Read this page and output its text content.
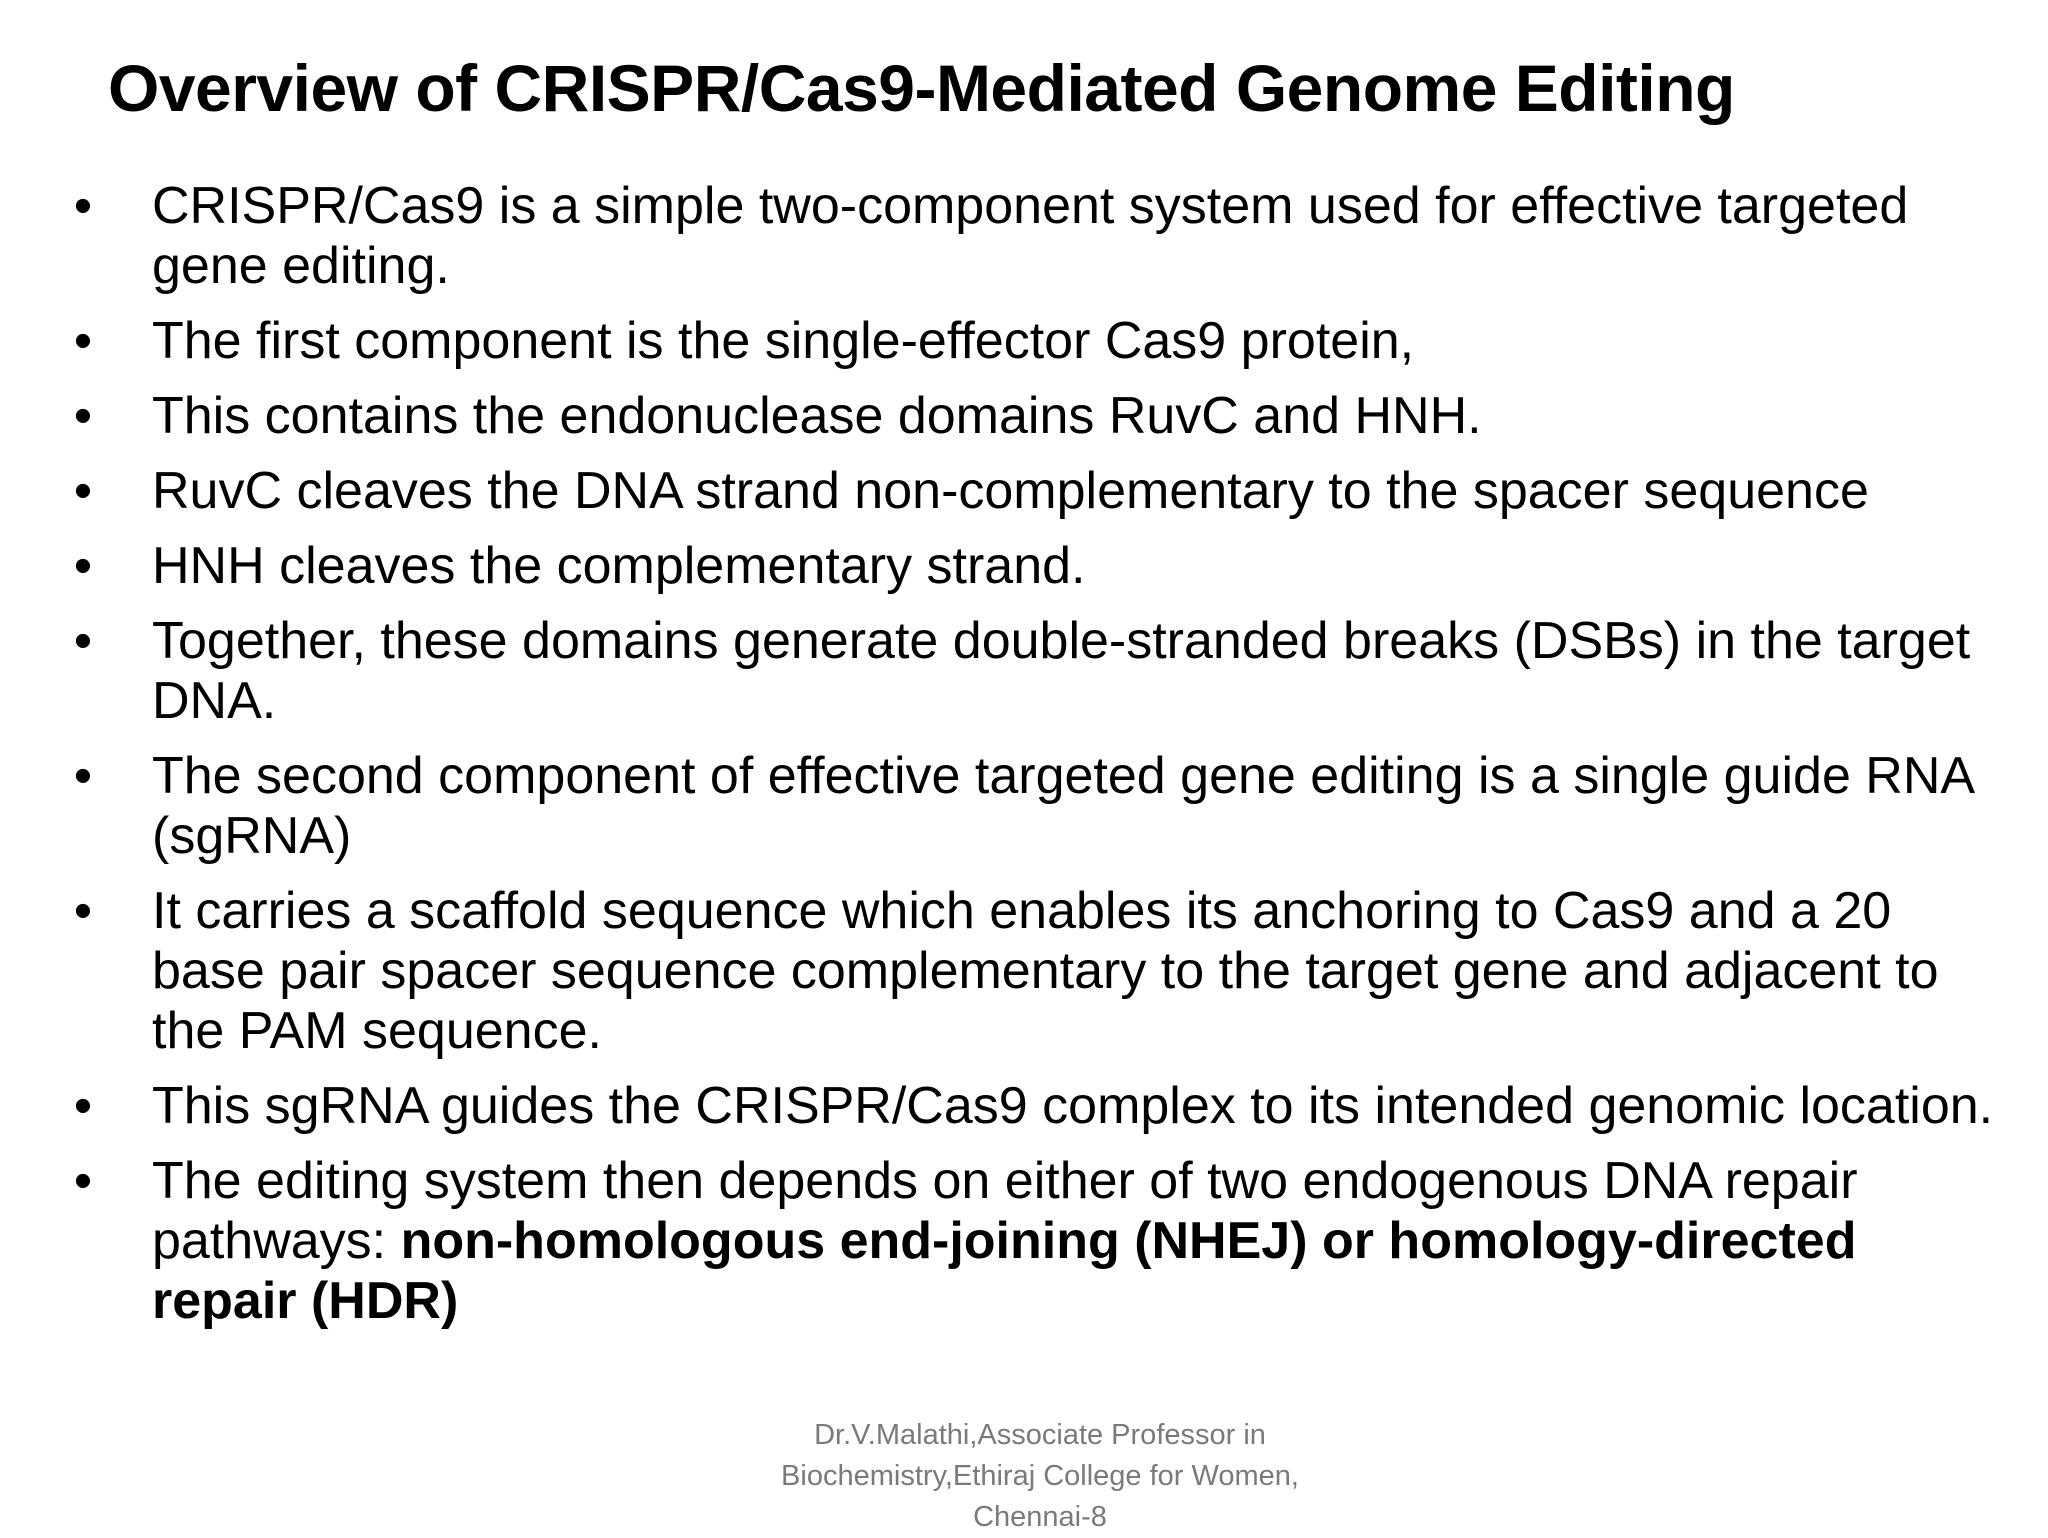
Overview of CRISPR/Cas9-Mediated Genome Editing
• CRISPR/Cas9 is a simple two-component system used for effective targeted gene editing.
• The first component is the single-effector Cas9 protein,
• This contains the endonuclease domains RuvC and HNH.
• RuvC cleaves the DNA strand non-complementary to the spacer sequence
• HNH cleaves the complementary strand.
• Together, these domains generate double-stranded breaks (DSBs) in the target DNA.
• The second component of effective targeted gene editing is a single guide RNA (sgRNA)
• It carries a scaffold sequence which enables its anchoring to Cas9 and a 20 base pair spacer sequence complementary to the target gene and adjacent to the PAM sequence.
• This sgRNA guides the CRISPR/Cas9 complex to its intended genomic location.
• The editing system then depends on either of two endogenous DNA repair pathways: non-homologous end-joining (NHEJ) or homology-directed repair (HDR)
Dr.V.Malathi,Associate Professor in
Biochemistry,Ethiraj College for Women,
Chennai-8
